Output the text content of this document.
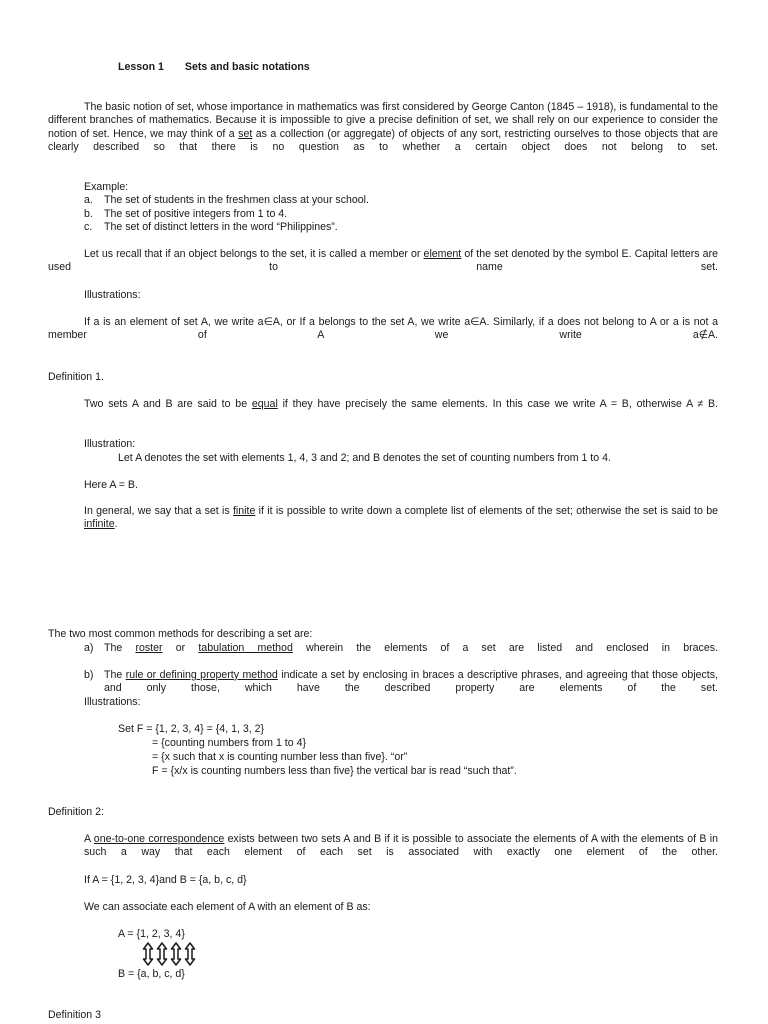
Lesson 1 Sets and basic notations
The basic notion of set, whose importance in mathematics was first considered by George Canton (1845 – 1918), is fundamental to the different branches of mathematics. Because it is impossible to give a precise definition of set, we shall rely on our experience to consider the notion of set. Hence, we may think of a set as a collection (or aggregate) of objects of any sort, restricting ourselves to those objects that are clearly described so that there is no question as to whether a certain object does not belong to set.
Example:
a. The set of students in the freshmen class at your school.
b. The set of positive integers from 1 to 4.
c. The set of distinct letters in the word “Philippines”.
Let us recall that if an object belongs to the set, it is called a member or element of the set denoted by the symbol E. Capital letters are used to name set.
Illustrations:
If a is an element of set A, we write a∈A, or If a belongs to the set A, we write a∈A. Similarly, if a does not belong to A or a is not a member of A we write a∉A.
Definition 1.
Two sets A and B are said to be equal if they have precisely the same elements. In this case we write A = B, otherwise A ≠ B.
Illustration:
Let A denotes the set with elements 1, 4, 3 and 2; and B denotes the set of counting numbers from 1 to 4.
Here A = B.
In general, we say that a set is finite if it is possible to write down a complete list of elements of the set; otherwise the set is said to be infinite.
The two most common methods for describing a set are:
a) The roster or tabulation method wherein the elements of a set are listed and enclosed in braces.
b) The rule or defining property method indicate a set by enclosing in braces a descriptive phrases, and agreeing that those objects, and only those, which have the described property are elements of the set.
Illustrations:
Set F = {1, 2, 3, 4} = {4, 1, 3, 2}
= {counting numbers from 1 to 4}
= {x such that x is counting number less than five}. “or”
F = {x/x is counting numbers less than five} the vertical bar is read “such that”.
Definition 2:
A one-to-one correspondence exists between two sets A and B if it is possible to associate the elements of A with the elements of B in such a way that each element of each set is associated with exactly one element of the other.
If A = {1, 2, 3, 4}and B = {a, b, c, d}
We can associate each element of A with an element of B as:
A = {1, 2, 3, 4}
B = {a, b, c, d}
Definition 3
